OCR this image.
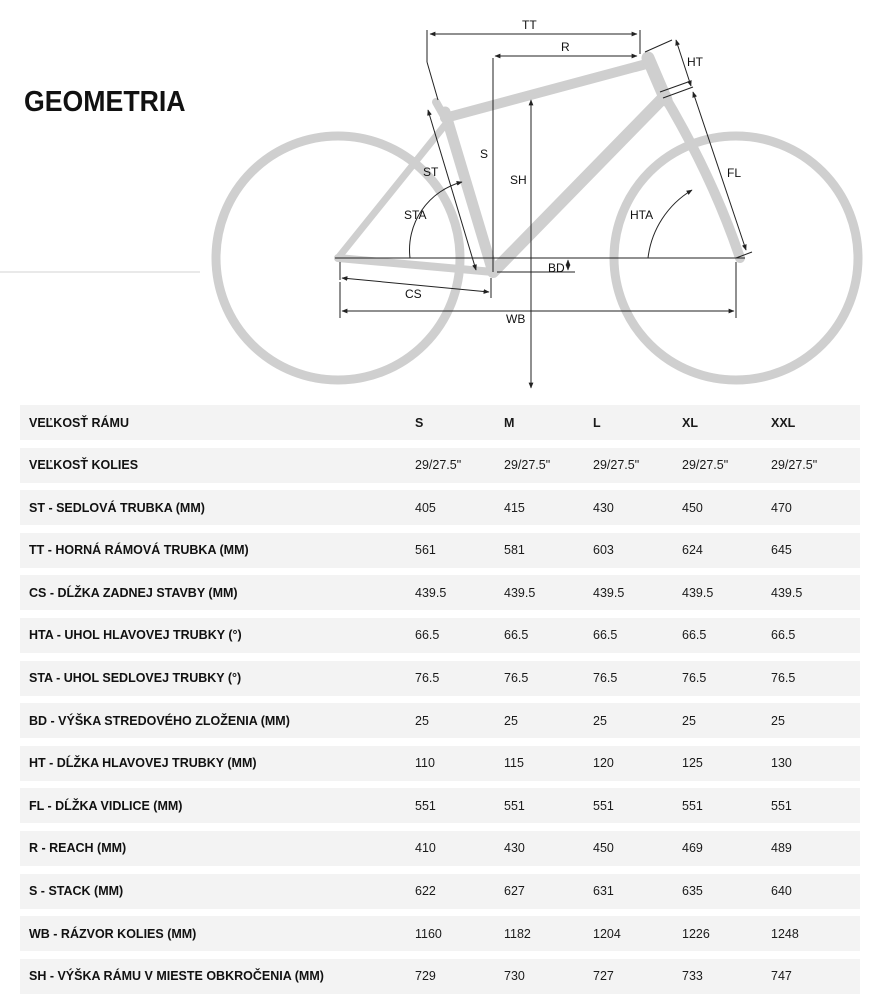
GEOMETRIA
TT
R
HT
S
ST
SH	FL
STA	HTA
BD
CS
WB
VEĽKOSŤ RÁMU	S	M	L	XL	XXL
VEĽKOSŤ KOLIES	29/27.5"	29/27.5"	29/27.5"	29/27.5"	29/27.5"
ST - SEDLOVÁ TRUBKA (MM)	405	415	430	450	470
TT - HORNÁ RÁMOVÁ TRUBKA (MM)	561	581	603	624	645
CS - DĹŽKA ZADNEJ STAVBY (MM)	439.5	439.5	439.5	439.5	439.5
HTA - UHOL HLAVOVEJ TRUBKY (°)	66.5	66.5	66.5	66.5	66.5
STA - UHOL SEDLOVEJ TRUBKY (°)	76.5	76.5	76.5	76.5	76.5
BD - VÝŠKA STREDOVÉHO ZLOŽENIA (MM)	25	25	25	25	25
HT - DĹŽKA HLAVOVEJ TRUBKY (MM)	110	115	120	125	130
FL - DĹŽKA VIDLICE (MM)	551	551	551	551	551
R - REACH (MM)	410	430	450	469	489
S - STACK (MM)	622	627	631	635	640
WB - RÁZVOR KOLIES (MM)	1160	1182	1204	1226	1248
SH - VÝŠKA RÁMU V MIESTE OBKROČENIA (MM)	729	730	727	733	747
